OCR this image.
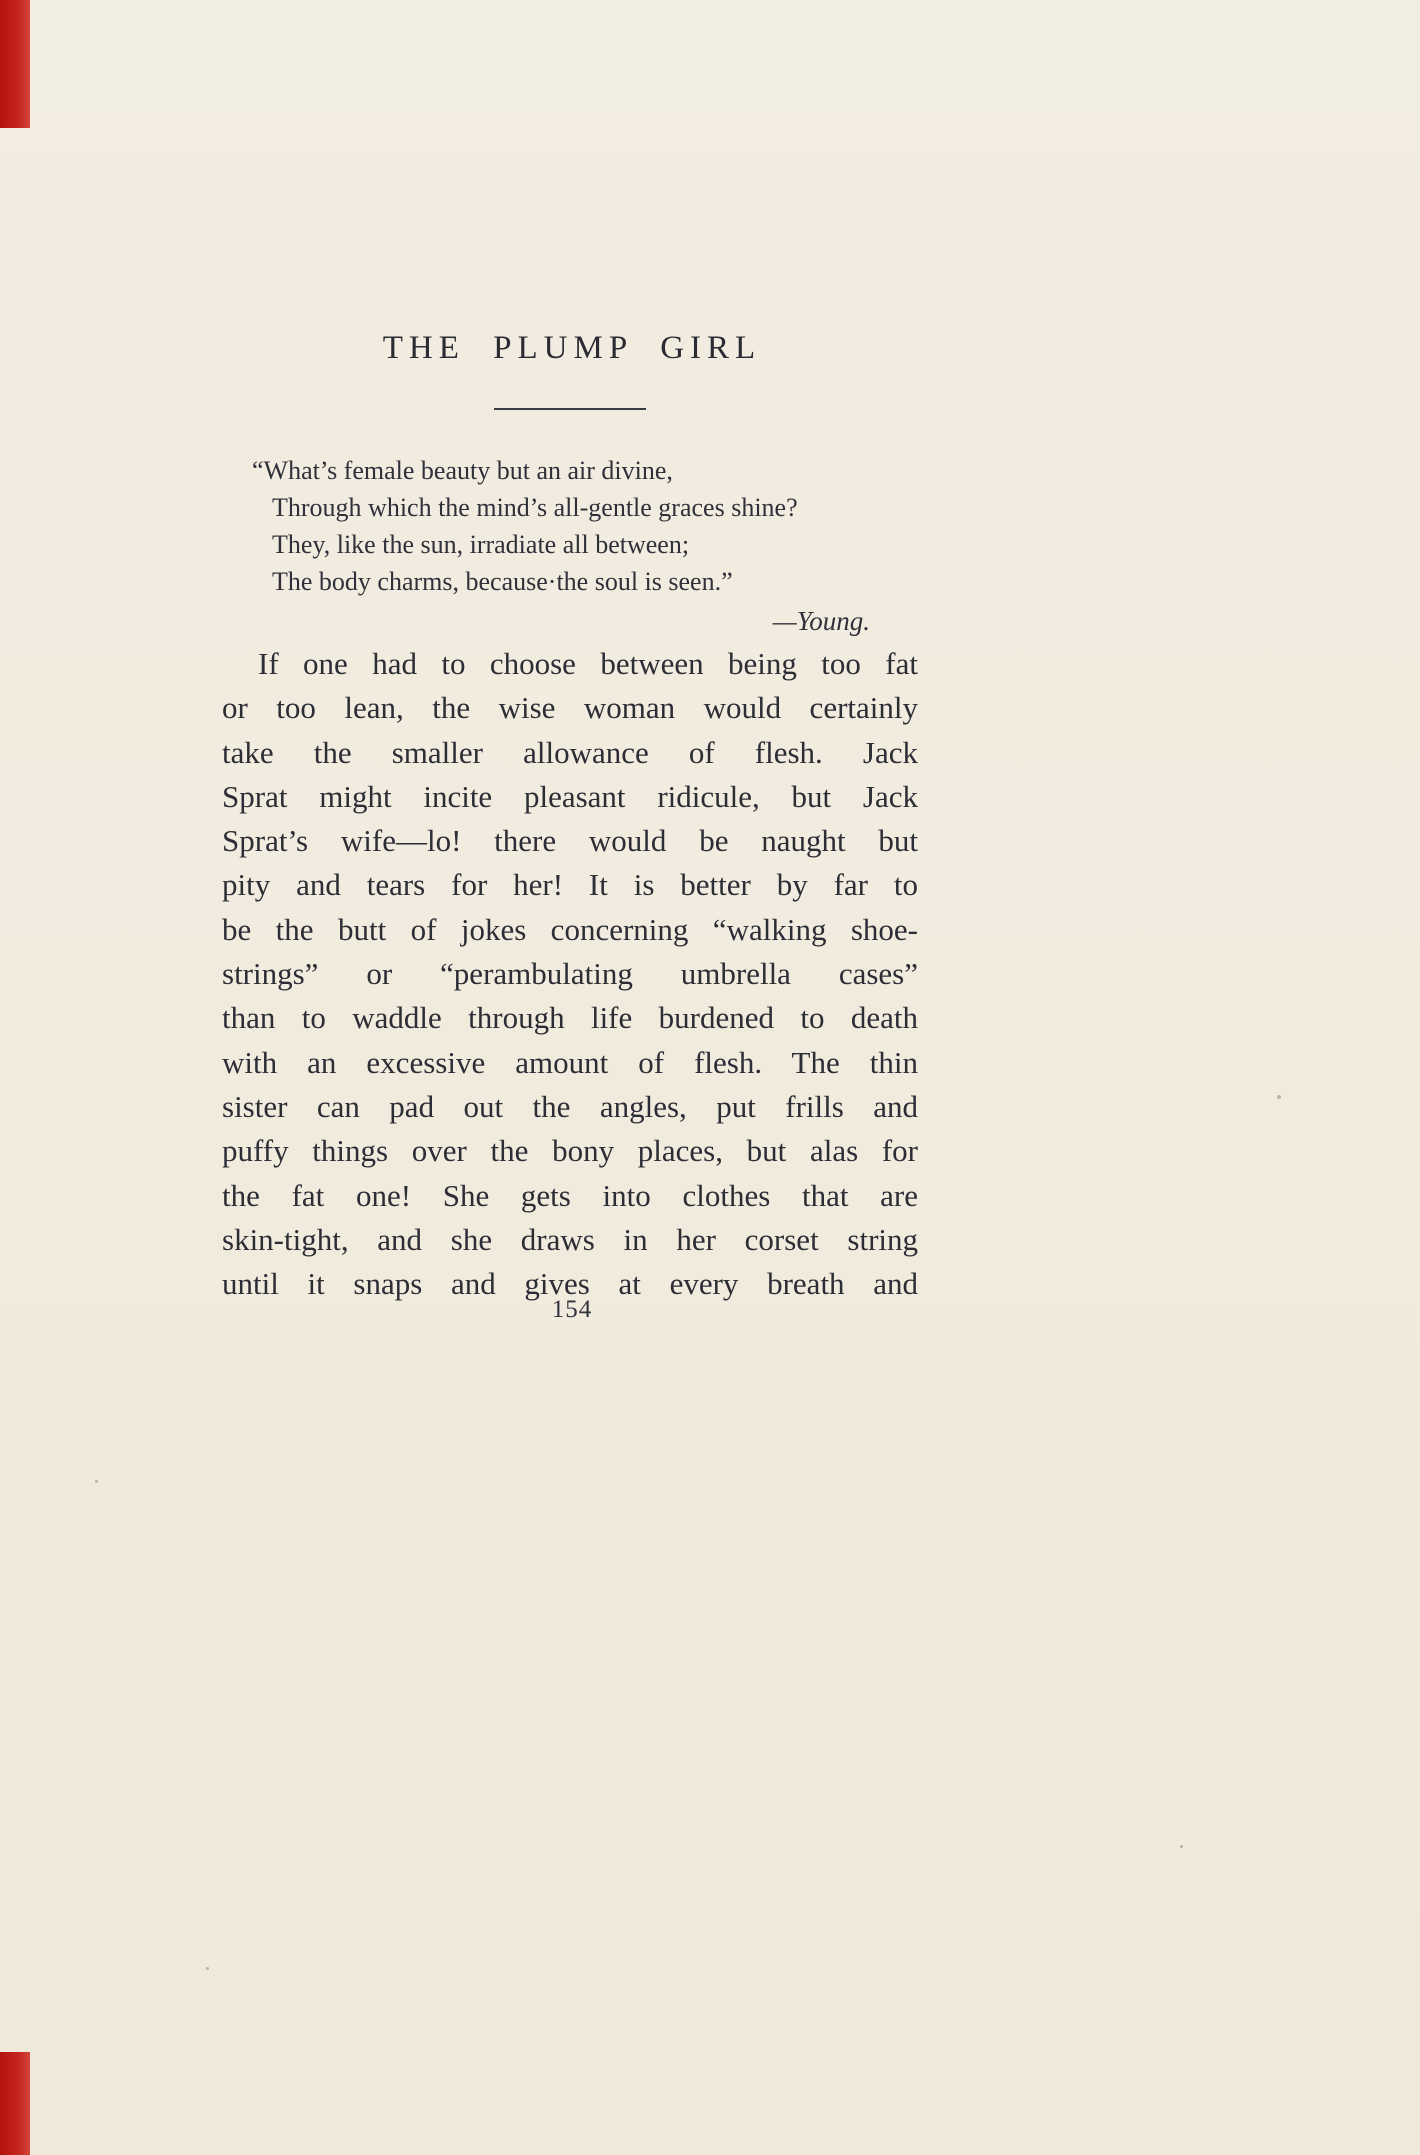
THE PLUMP GIRL
“What’s female beauty but an air divine,
Through which the mind’s all-gentle graces shine?
They, like the sun, irradiate all between;
The body charms, because·the soul is seen.”
—Young.
If one had to choose between being too fat
or too lean, the wise woman would certainly
take the smaller allowance of flesh. Jack
Sprat might incite pleasant ridicule, but Jack
Sprat’s wife—lo! there would be naught but
pity and tears for her! It is better by far to
be the butt of jokes concerning “walking shoe-
strings” or “perambulating umbrella cases”
than to waddle through life burdened to death
with an excessive amount of flesh. The thin
sister can pad out the angles, put frills and
puffy things over the bony places, but alas for
the fat one! She gets into clothes that are
skin-tight, and she draws in her corset string
until it snaps and gives at every breath and
154
